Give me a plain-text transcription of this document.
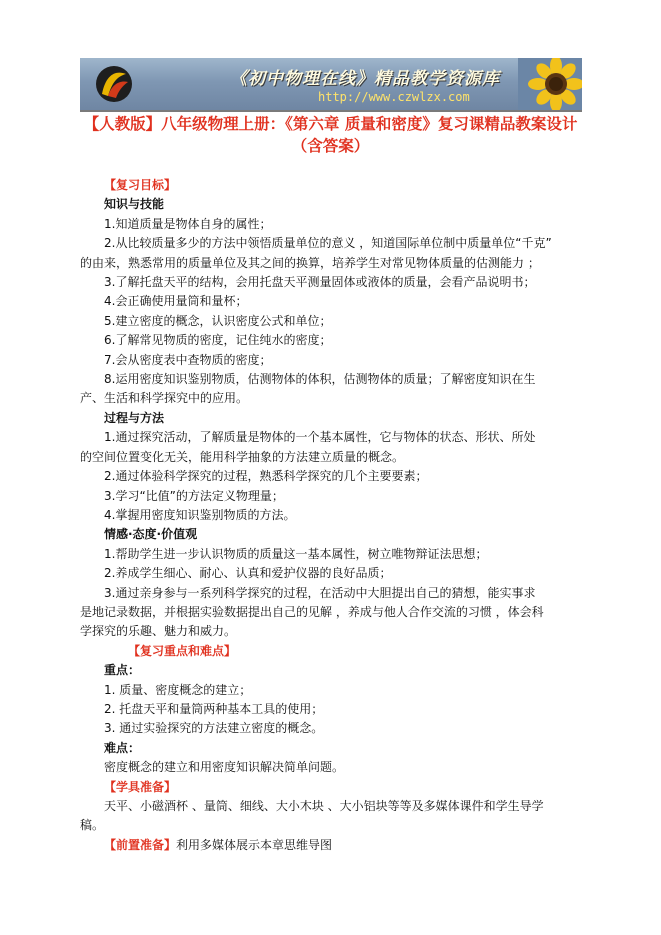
《初中物理在线》精品教学资源库
http://www.czwlzx.com
【人教版】八年级物理上册：《第六章 质量和密度》复习课精品教案设计
（含答案）
【复习目标】
知识与技能
1.知道质量是物体自身的属性；
2.从比较质量多少的方法中领悟质量单位的意义 ，知道国际单位制中质量单位“千克”
的由来，熟悉常用的质量单位及其之间的换算，培养学生对常见物体质量的估测能力 ；
3.了解托盘天平的结构，会用托盘天平测量固体或液体的质量，会看产品说明书；
4.会正确使用量筒和量杯；
5.建立密度的概念，认识密度公式和单位；
6.了解常见物质的密度，记住纯水的密度；
7.会从密度表中查物质的密度；
8.运用密度知识鉴别物质，估测物体的体积，估测物体的质量；了解密度知识在生
产、生活和科学探究中的应用。
过程与方法
1.通过探究活动，了解质量是物体的一个基本属性，它与物体的状态、形状、所处
的空间位置变化无关，能用科学抽象的方法建立质量的概念。
2.通过体验科学探究的过程，熟悉科学探究的几个主要要素；
3.学习“比值”的方法定义物理量；
4.掌握用密度知识鉴别物质的方法。
情感·态度·价值观
1.帮助学生进一步认识物质的质量这一基本属性，树立唯物辩证法思想；
2.养成学生细心、耐心、认真和爱护仪器的良好品质；
3.通过亲身参与一系列科学探究的过程，在活动中大胆提出自己的猜想，能实事求
是地记录数据，并根据实验数据提出自己的见解 ，养成与他人合作交流的习惯 ，体会科
学探究的乐趣、魅力和威力。
【复习重点和难点】
重点：
1. 质量、密度概念的建立；
2. 托盘天平和量筒两种基本工具的使用；
3. 通过实验探究的方法建立密度的概念。
难点：
密度概念的建立和用密度知识解决简单问题。
【学具准备】
天平、小磁酒杯 、量筒、细线、大小木块 、大小铝块等等及多媒体课件和学生导学
稿。
【前置准备】利用多媒体展示本章思维导图
